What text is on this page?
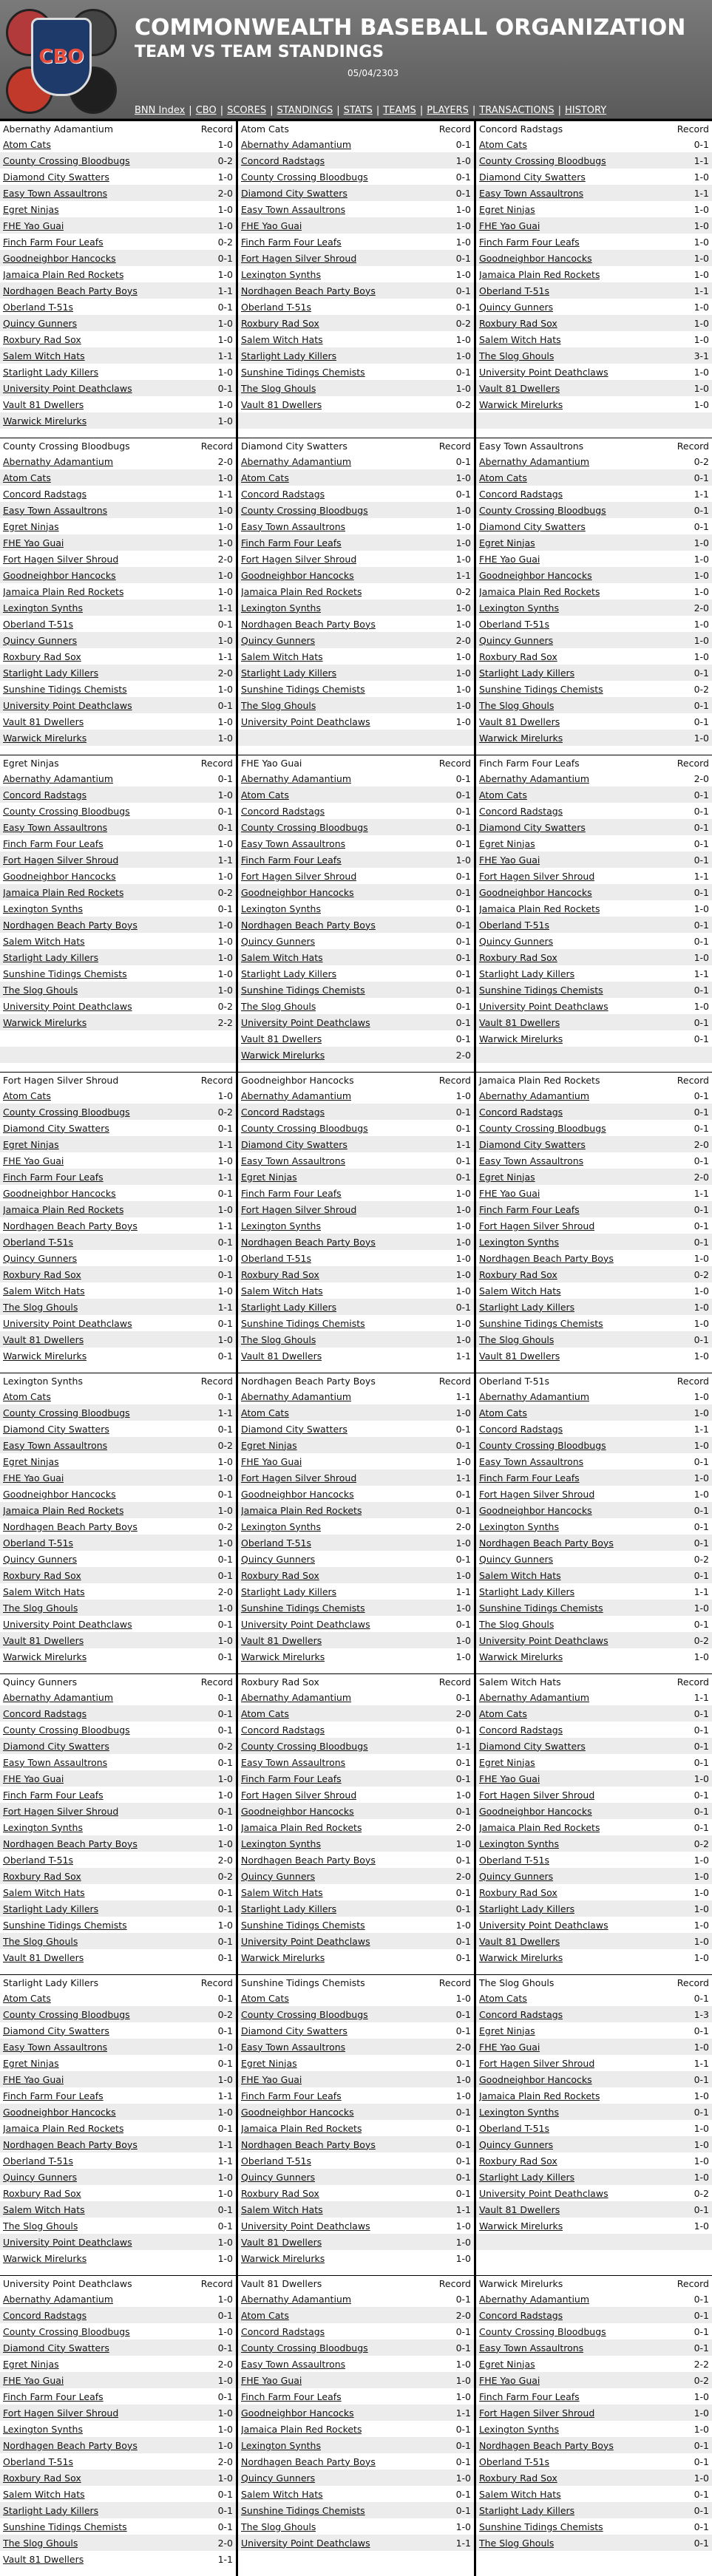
CBO
COMMONWEALTH BASEBALL ORGANIZATION
TEAM VS TEAM STANDINGS
05/04/2303
BNN Index | CBO | SCORES | STANDINGS | STATS | TEAMS | PLAYERS | TRANSACTIONS | HISTORY
Abernathy Adamantium	Record
Atom Cats	1-0
County Crossing Bloodbugs	0-2
Diamond City Swatters	1-0
Easy Town Assaultrons	2-0
Egret Ninjas	1-0
FHE Yao Guai	1-0
Finch Farm Four Leafs	0-2
Goodneighbor Hancocks	0-1
Jamaica Plain Red Rockets	1-0
Nordhagen Beach Party Boys	1-1
Oberland T-51s	0-1
Quincy Gunners	1-0
Roxbury Rad Sox	1-0
Salem Witch Hats	1-1
Starlight Lady Killers	1-0
University Point Deathclaws	0-1
Vault 81 Dwellers	1-0
Warwick Mirelurks	1-0
Atom Cats	Record
Abernathy Adamantium	0-1
Concord Radstags	1-0
County Crossing Bloodbugs	0-1
Diamond City Swatters	0-1
Easy Town Assaultrons	1-0
FHE Yao Guai	1-0
Finch Farm Four Leafs	1-0
Fort Hagen Silver Shroud	0-1
Lexington Synths	1-0
Nordhagen Beach Party Boys	0-1
Oberland T-51s	0-1
Roxbury Rad Sox	0-2
Salem Witch Hats	1-0
Starlight Lady Killers	1-0
Sunshine Tidings Chemists	0-1
The Slog Ghouls	1-0
Vault 81 Dwellers	0-2
Concord Radstags	Record
Atom Cats	0-1
County Crossing Bloodbugs	1-1
Diamond City Swatters	1-0
Easy Town Assaultrons	1-1
Egret Ninjas	1-0
FHE Yao Guai	1-0
Finch Farm Four Leafs	1-0
Goodneighbor Hancocks	1-0
Jamaica Plain Red Rockets	1-0
Oberland T-51s	1-1
Quincy Gunners	1-0
Roxbury Rad Sox	1-0
Salem Witch Hats	1-0
The Slog Ghouls	3-1
University Point Deathclaws	1-0
Vault 81 Dwellers	1-0
Warwick Mirelurks	1-0
County Crossing Bloodbugs	Record
Abernathy Adamantium	2-0
Atom Cats	1-0
Concord Radstags	1-1
Easy Town Assaultrons	1-0
Egret Ninjas	1-0
FHE Yao Guai	1-0
Fort Hagen Silver Shroud	2-0
Goodneighbor Hancocks	1-0
Jamaica Plain Red Rockets	1-0
Lexington Synths	1-1
Oberland T-51s	0-1
Quincy Gunners	1-0
Roxbury Rad Sox	1-1
Starlight Lady Killers	2-0
Sunshine Tidings Chemists	1-0
University Point Deathclaws	0-1
Vault 81 Dwellers	1-0
Warwick Mirelurks	1-0
Diamond City Swatters	Record
Abernathy Adamantium	0-1
Atom Cats	1-0
Concord Radstags	0-1
County Crossing Bloodbugs	1-0
Easy Town Assaultrons	1-0
Finch Farm Four Leafs	1-0
Fort Hagen Silver Shroud	1-0
Goodneighbor Hancocks	1-1
Jamaica Plain Red Rockets	0-2
Lexington Synths	1-0
Nordhagen Beach Party Boys	1-0
Quincy Gunners	2-0
Salem Witch Hats	1-0
Starlight Lady Killers	1-0
Sunshine Tidings Chemists	1-0
The Slog Ghouls	1-0
University Point Deathclaws	1-0
Easy Town Assaultrons	Record
Abernathy Adamantium	0-2
Atom Cats	0-1
Concord Radstags	1-1
County Crossing Bloodbugs	0-1
Diamond City Swatters	0-1
Egret Ninjas	1-0
FHE Yao Guai	1-0
Goodneighbor Hancocks	1-0
Jamaica Plain Red Rockets	1-0
Lexington Synths	2-0
Oberland T-51s	1-0
Quincy Gunners	1-0
Roxbury Rad Sox	1-0
Starlight Lady Killers	0-1
Sunshine Tidings Chemists	0-2
The Slog Ghouls	0-1
Vault 81 Dwellers	0-1
Warwick Mirelurks	1-0
Egret Ninjas	Record
Abernathy Adamantium	0-1
Concord Radstags	1-0
County Crossing Bloodbugs	0-1
Easy Town Assaultrons	0-1
Finch Farm Four Leafs	1-0
Fort Hagen Silver Shroud	1-1
Goodneighbor Hancocks	1-0
Jamaica Plain Red Rockets	0-2
Lexington Synths	0-1
Nordhagen Beach Party Boys	1-0
Salem Witch Hats	1-0
Starlight Lady Killers	1-0
Sunshine Tidings Chemists	1-0
The Slog Ghouls	1-0
University Point Deathclaws	0-2
Warwick Mirelurks	2-2
FHE Yao Guai	Record
Abernathy Adamantium	0-1
Atom Cats	0-1
Concord Radstags	0-1
County Crossing Bloodbugs	0-1
Easy Town Assaultrons	0-1
Finch Farm Four Leafs	1-0
Fort Hagen Silver Shroud	0-1
Goodneighbor Hancocks	0-1
Lexington Synths	0-1
Nordhagen Beach Party Boys	0-1
Quincy Gunners	0-1
Salem Witch Hats	0-1
Starlight Lady Killers	0-1
Sunshine Tidings Chemists	0-1
The Slog Ghouls	0-1
University Point Deathclaws	0-1
Vault 81 Dwellers	0-1
Warwick Mirelurks	2-0
Finch Farm Four Leafs	Record
Abernathy Adamantium	2-0
Atom Cats	0-1
Concord Radstags	0-1
Diamond City Swatters	0-1
Egret Ninjas	0-1
FHE Yao Guai	0-1
Fort Hagen Silver Shroud	1-1
Goodneighbor Hancocks	0-1
Jamaica Plain Red Rockets	1-0
Oberland T-51s	0-1
Quincy Gunners	0-1
Roxbury Rad Sox	1-0
Starlight Lady Killers	1-1
Sunshine Tidings Chemists	0-1
University Point Deathclaws	1-0
Vault 81 Dwellers	0-1
Warwick Mirelurks	0-1
Fort Hagen Silver Shroud	Record
Atom Cats	1-0
County Crossing Bloodbugs	0-2
Diamond City Swatters	0-1
Egret Ninjas	1-1
FHE Yao Guai	1-0
Finch Farm Four Leafs	1-1
Goodneighbor Hancocks	0-1
Jamaica Plain Red Rockets	1-0
Nordhagen Beach Party Boys	1-1
Oberland T-51s	0-1
Quincy Gunners	1-0
Roxbury Rad Sox	0-1
Salem Witch Hats	1-0
The Slog Ghouls	1-1
University Point Deathclaws	0-1
Vault 81 Dwellers	1-0
Warwick Mirelurks	0-1
Goodneighbor Hancocks	Record
Abernathy Adamantium	1-0
Concord Radstags	0-1
County Crossing Bloodbugs	0-1
Diamond City Swatters	1-1
Easy Town Assaultrons	0-1
Egret Ninjas	0-1
Finch Farm Four Leafs	1-0
Fort Hagen Silver Shroud	1-0
Lexington Synths	1-0
Nordhagen Beach Party Boys	1-0
Oberland T-51s	1-0
Roxbury Rad Sox	1-0
Salem Witch Hats	1-0
Starlight Lady Killers	0-1
Sunshine Tidings Chemists	1-0
The Slog Ghouls	1-0
Vault 81 Dwellers	1-1
Jamaica Plain Red Rockets	Record
Abernathy Adamantium	0-1
Concord Radstags	0-1
County Crossing Bloodbugs	0-1
Diamond City Swatters	2-0
Easy Town Assaultrons	0-1
Egret Ninjas	2-0
FHE Yao Guai	1-1
Finch Farm Four Leafs	0-1
Fort Hagen Silver Shroud	0-1
Lexington Synths	0-1
Nordhagen Beach Party Boys	1-0
Roxbury Rad Sox	0-2
Salem Witch Hats	1-0
Starlight Lady Killers	1-0
Sunshine Tidings Chemists	1-0
The Slog Ghouls	0-1
Vault 81 Dwellers	1-0
Lexington Synths	Record
Atom Cats	0-1
County Crossing Bloodbugs	1-1
Diamond City Swatters	0-1
Easy Town Assaultrons	0-2
Egret Ninjas	1-0
FHE Yao Guai	1-0
Goodneighbor Hancocks	0-1
Jamaica Plain Red Rockets	1-0
Nordhagen Beach Party Boys	0-2
Oberland T-51s	1-0
Quincy Gunners	0-1
Roxbury Rad Sox	0-1
Salem Witch Hats	2-0
The Slog Ghouls	1-0
University Point Deathclaws	0-1
Vault 81 Dwellers	1-0
Warwick Mirelurks	0-1
Nordhagen Beach Party Boys	Record
Abernathy Adamantium	1-1
Atom Cats	1-0
Diamond City Swatters	0-1
Egret Ninjas	0-1
FHE Yao Guai	1-0
Fort Hagen Silver Shroud	1-1
Goodneighbor Hancocks	0-1
Jamaica Plain Red Rockets	0-1
Lexington Synths	2-0
Oberland T-51s	1-0
Quincy Gunners	0-1
Roxbury Rad Sox	1-0
Starlight Lady Killers	1-1
Sunshine Tidings Chemists	1-0
University Point Deathclaws	0-1
Vault 81 Dwellers	1-0
Warwick Mirelurks	1-0
Oberland T-51s	Record
Abernathy Adamantium	1-0
Atom Cats	1-0
Concord Radstags	1-1
County Crossing Bloodbugs	1-0
Easy Town Assaultrons	0-1
Finch Farm Four Leafs	1-0
Fort Hagen Silver Shroud	1-0
Goodneighbor Hancocks	0-1
Lexington Synths	0-1
Nordhagen Beach Party Boys	0-1
Quincy Gunners	0-2
Salem Witch Hats	0-1
Starlight Lady Killers	1-1
Sunshine Tidings Chemists	1-0
The Slog Ghouls	0-1
University Point Deathclaws	0-2
Warwick Mirelurks	1-0
Quincy Gunners	Record
Abernathy Adamantium	0-1
Concord Radstags	0-1
County Crossing Bloodbugs	0-1
Diamond City Swatters	0-2
Easy Town Assaultrons	0-1
FHE Yao Guai	1-0
Finch Farm Four Leafs	1-0
Fort Hagen Silver Shroud	0-1
Lexington Synths	1-0
Nordhagen Beach Party Boys	1-0
Oberland T-51s	2-0
Roxbury Rad Sox	0-2
Salem Witch Hats	0-1
Starlight Lady Killers	0-1
Sunshine Tidings Chemists	1-0
The Slog Ghouls	0-1
Vault 81 Dwellers	0-1
Roxbury Rad Sox	Record
Abernathy Adamantium	0-1
Atom Cats	2-0
Concord Radstags	0-1
County Crossing Bloodbugs	1-1
Easy Town Assaultrons	0-1
Finch Farm Four Leafs	0-1
Fort Hagen Silver Shroud	1-0
Goodneighbor Hancocks	0-1
Jamaica Plain Red Rockets	2-0
Lexington Synths	1-0
Nordhagen Beach Party Boys	0-1
Quincy Gunners	2-0
Salem Witch Hats	0-1
Starlight Lady Killers	0-1
Sunshine Tidings Chemists	1-0
University Point Deathclaws	0-1
Warwick Mirelurks	0-1
Salem Witch Hats	Record
Abernathy Adamantium	1-1
Atom Cats	0-1
Concord Radstags	0-1
Diamond City Swatters	0-1
Egret Ninjas	0-1
FHE Yao Guai	1-0
Fort Hagen Silver Shroud	0-1
Goodneighbor Hancocks	0-1
Jamaica Plain Red Rockets	0-1
Lexington Synths	0-2
Oberland T-51s	1-0
Quincy Gunners	1-0
Roxbury Rad Sox	1-0
Starlight Lady Killers	1-0
University Point Deathclaws	1-0
Vault 81 Dwellers	1-0
Warwick Mirelurks	1-0
Starlight Lady Killers	Record
Atom Cats	0-1
County Crossing Bloodbugs	0-2
Diamond City Swatters	0-1
Easy Town Assaultrons	1-0
Egret Ninjas	0-1
FHE Yao Guai	1-0
Finch Farm Four Leafs	1-1
Goodneighbor Hancocks	1-0
Jamaica Plain Red Rockets	0-1
Nordhagen Beach Party Boys	1-1
Oberland T-51s	1-1
Quincy Gunners	1-0
Roxbury Rad Sox	1-0
Salem Witch Hats	0-1
The Slog Ghouls	0-1
University Point Deathclaws	1-0
Warwick Mirelurks	1-0
Sunshine Tidings Chemists	Record
Atom Cats	1-0
County Crossing Bloodbugs	0-1
Diamond City Swatters	0-1
Easy Town Assaultrons	2-0
Egret Ninjas	0-1
FHE Yao Guai	1-0
Finch Farm Four Leafs	1-0
Goodneighbor Hancocks	0-1
Jamaica Plain Red Rockets	0-1
Nordhagen Beach Party Boys	0-1
Oberland T-51s	0-1
Quincy Gunners	0-1
Roxbury Rad Sox	0-1
Salem Witch Hats	1-1
University Point Deathclaws	1-0
Vault 81 Dwellers	1-0
Warwick Mirelurks	1-0
The Slog Ghouls	Record
Atom Cats	0-1
Concord Radstags	1-3
Egret Ninjas	0-1
FHE Yao Guai	1-0
Fort Hagen Silver Shroud	1-1
Goodneighbor Hancocks	0-1
Jamaica Plain Red Rockets	1-0
Lexington Synths	0-1
Oberland T-51s	1-0
Quincy Gunners	1-0
Roxbury Rad Sox	1-0
Starlight Lady Killers	1-0
University Point Deathclaws	0-2
Vault 81 Dwellers	0-1
Warwick Mirelurks	1-0
University Point Deathclaws	Record
Abernathy Adamantium	1-0
Concord Radstags	0-1
County Crossing Bloodbugs	1-0
Diamond City Swatters	0-1
Egret Ninjas	2-0
FHE Yao Guai	1-0
Finch Farm Four Leafs	0-1
Fort Hagen Silver Shroud	1-0
Lexington Synths	1-0
Nordhagen Beach Party Boys	1-0
Oberland T-51s	2-0
Roxbury Rad Sox	1-0
Salem Witch Hats	0-1
Starlight Lady Killers	0-1
Sunshine Tidings Chemists	0-1
The Slog Ghouls	2-0
Vault 81 Dwellers	1-1
Vault 81 Dwellers	Record
Abernathy Adamantium	0-1
Atom Cats	2-0
Concord Radstags	0-1
County Crossing Bloodbugs	0-1
Easy Town Assaultrons	1-0
FHE Yao Guai	1-0
Finch Farm Four Leafs	1-0
Goodneighbor Hancocks	1-1
Jamaica Plain Red Rockets	0-1
Lexington Synths	0-1
Nordhagen Beach Party Boys	0-1
Quincy Gunners	1-0
Salem Witch Hats	0-1
Sunshine Tidings Chemists	0-1
The Slog Ghouls	1-0
University Point Deathclaws	1-1
Warwick Mirelurks	Record
Abernathy Adamantium	0-1
Concord Radstags	0-1
County Crossing Bloodbugs	0-1
Easy Town Assaultrons	0-1
Egret Ninjas	2-2
FHE Yao Guai	0-2
Finch Farm Four Leafs	1-0
Fort Hagen Silver Shroud	1-0
Lexington Synths	1-0
Nordhagen Beach Party Boys	0-1
Oberland T-51s	0-1
Roxbury Rad Sox	1-0
Salem Witch Hats	0-1
Starlight Lady Killers	0-1
Sunshine Tidings Chemists	0-1
The Slog Ghouls	0-1
